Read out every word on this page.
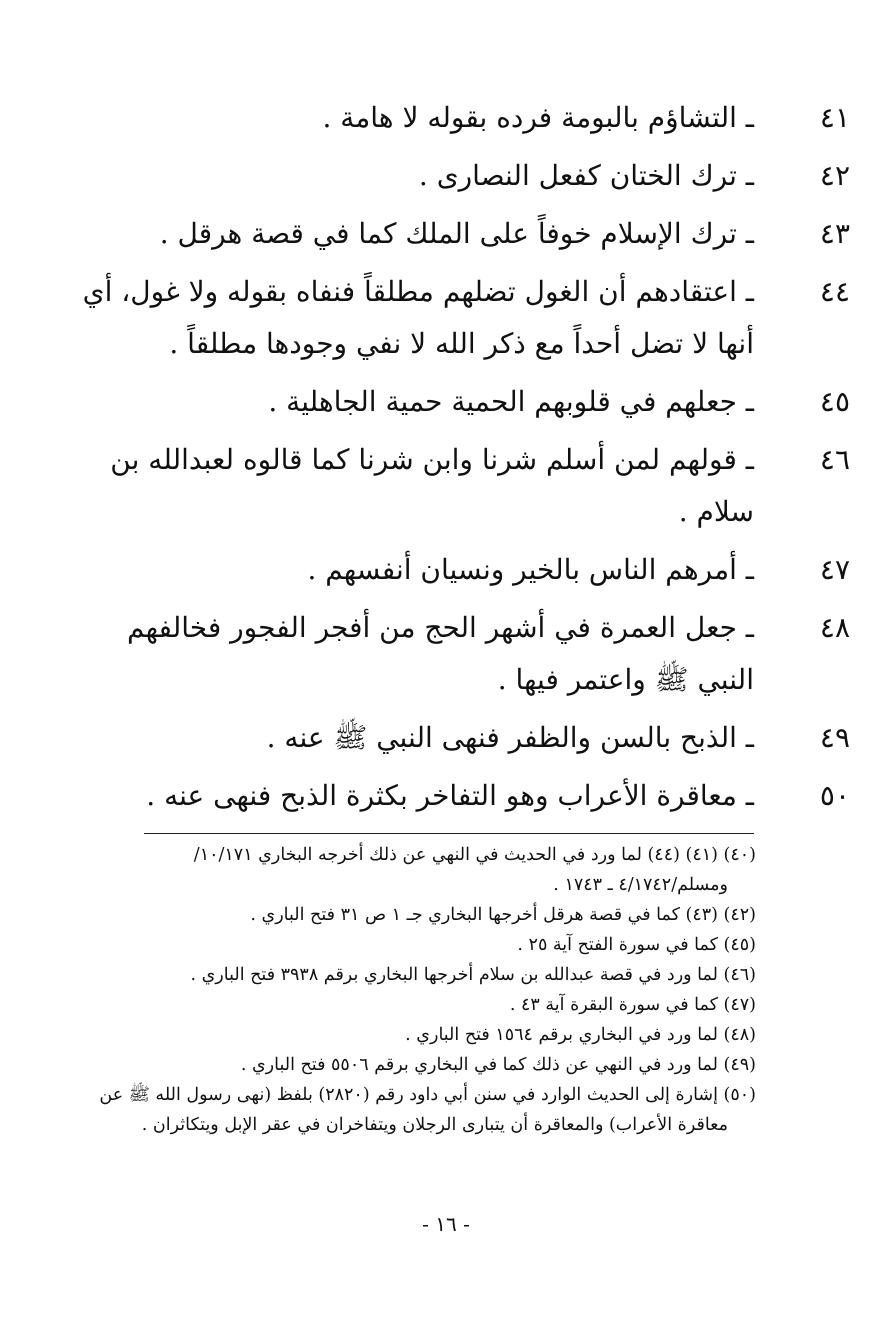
٤١
ـ التشاؤم بالبومة فرده بقوله لا هامة .
٤٢
ـ ترك الختان كفعل النصارى .
٤٣
ـ ترك الإسلام خوفاً على الملك كما في قصة هرقل .
٤٤
ـ اعتقادهم أن الغول تضلهم مطلقاً فنفاه بقوله ولا غول، أي
أنها لا تضل أحداً مع ذكر الله لا نفي وجودها مطلقاً .
٤٥
ـ جعلهم في قلوبهم الحمية حمية الجاهلية .
٤٦
ـ قولهم لمن أسلم شرنا وابن شرنا كما قالوه لعبدالله بن
سلام .
٤٧
ـ أمرهم الناس بالخير ونسيان أنفسهم .
٤٨
ـ جعل العمرة في أشهر الحج من أفجر الفجور فخالفهم
النبي ﷺ واعتمر فيها .
٤٩
ـ الذبح بالسن والظفر فنهى النبي ﷺ عنه .
٥٠
ـ معاقرة الأعراب وهو التفاخر بكثرة الذبح فنهى عنه .
(٤٠) (٤١) (٤٤) لما ورد في الحديث في النهي عن ذلك أخرجه البخاري ١٠/١٧١/
ومسلم/٤/١٧٤٢ ـ ١٧٤٣ .
(٤٢) (٤٣) كما في قصة هرقل أخرجها البخاري جـ ١ ص ٣١ فتح الباري .
(٤٥) كما في سورة الفتح آية ٢٥ .
(٤٦) لما ورد في قصة عبدالله بن سلام أخرجها البخاري برقم ٣٩٣٨ فتح الباري .
(٤٧) كما في سورة البقرة آية ٤٣ .
(٤٨) لما ورد في البخاري برقم ١٥٦٤ فتح الباري .
(٤٩) لما ورد في النهي عن ذلك كما في البخاري برقم ٥٥٠٦ فتح الباري .
(٥٠) إشارة إلى الحديث الوارد في سنن أبي داود رقم (٢٨٢٠) بلفظ (نهى رسول الله ﷺ عن
معاقرة الأعراب) والمعاقرة أن يتبارى الرجلان ويتفاخران في عقر الإبل ويتكاثران .
- ١٦ -
